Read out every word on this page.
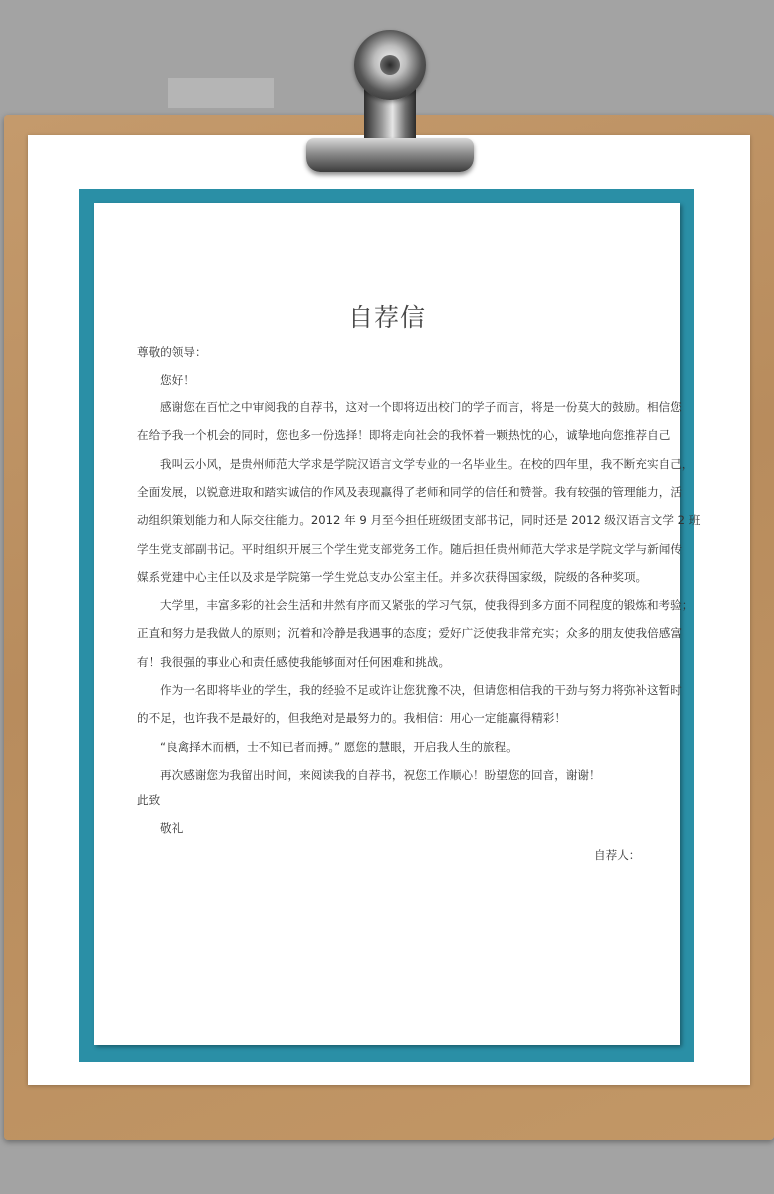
自荐信
尊敬的领导：
您好！
感谢您在百忙之中审阅我的自荐书，这对一个即将迈出校门的学子而言，将是一份莫大的鼓励。相信您
在给予我一个机会的同时，您也多一份选择！即将走向社会的我怀着一颗热忱的心，诚挚地向您推荐自己
我叫云小风，是贵州师范大学求是学院汉语言文学专业的一名毕业生。在校的四年里，我不断充实自己，
全面发展，以锐意进取和踏实诚信的作风及表现赢得了老师和同学的信任和赞誉。我有较强的管理能力，活
动组织策划能力和人际交往能力。2012 年 9 月至今担任班级团支部书记，同时还是 2012 级汉语言文学 2 班
学生党支部副书记。平时组织开展三个学生党支部党务工作。随后担任贵州师范大学求是学院文学与新闻传
媒系党建中心主任以及求是学院第一学生党总支办公室主任。并多次获得国家级，院级的各种奖项。
大学里，丰富多彩的社会生活和井然有序而又紧张的学习气氛，使我得到多方面不同程度的锻炼和考验；
正直和努力是我做人的原则；沉着和冷静是我遇事的态度；爱好广泛使我非常充实；众多的朋友使我倍感富
有！我很强的事业心和责任感使我能够面对任何困难和挑战。
作为一名即将毕业的学生，我的经验不足或许让您犹豫不决，但请您相信我的干劲与努力将弥补这暂时
的不足，也许我不是最好的，但我绝对是最努力的。我相信：用心一定能赢得精彩！
“良禽择木而栖，士不知已者而搏。” 愿您的慧眼，开启我人生的旅程。
再次感谢您为我留出时间，来阅读我的自荐书，祝您工作顺心！盼望您的回音，谢谢！
此致
敬礼
自荐人：
